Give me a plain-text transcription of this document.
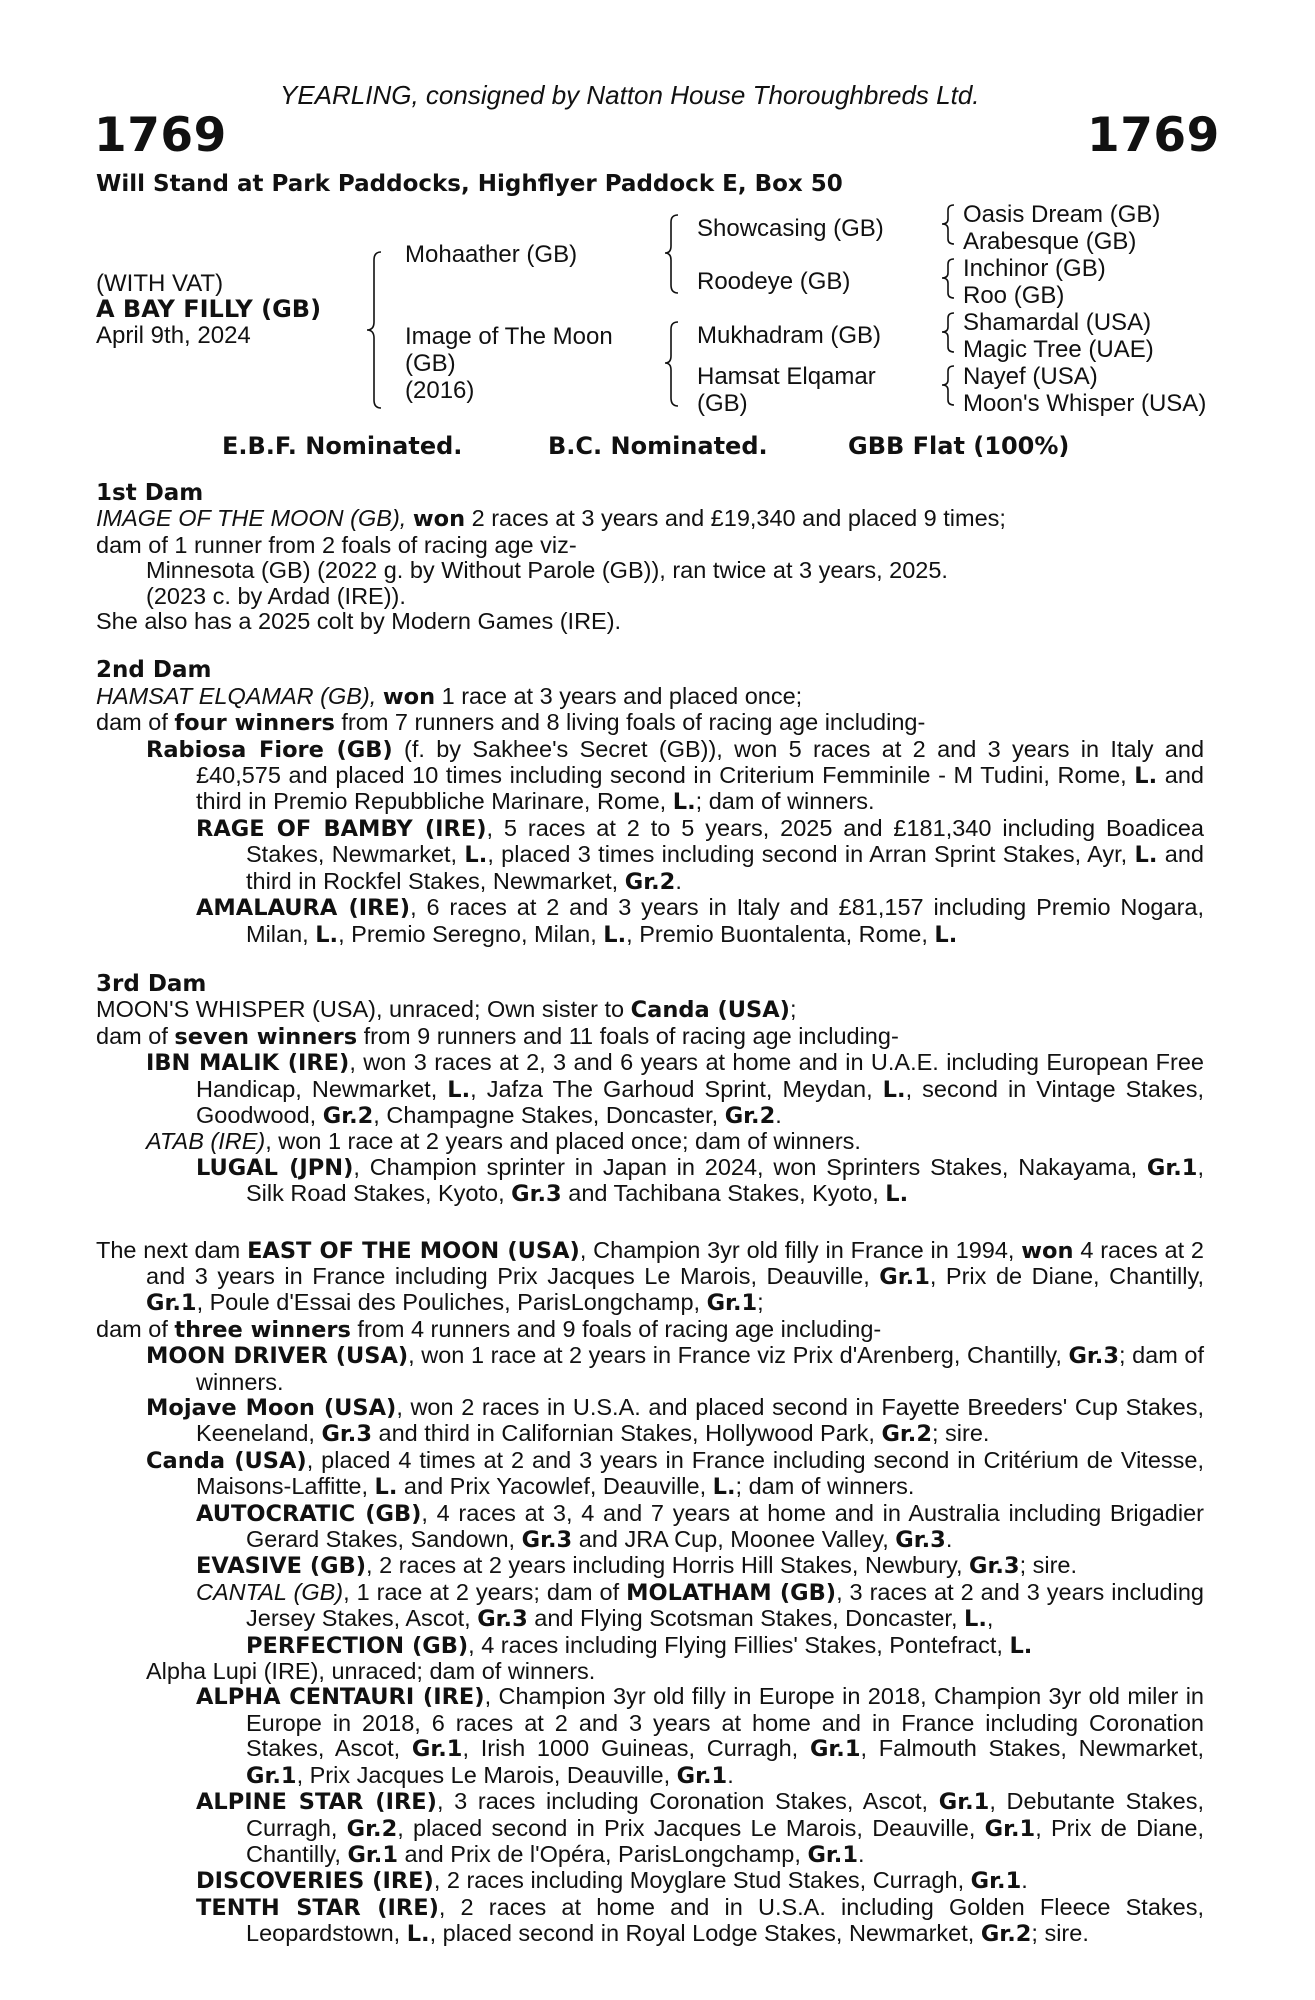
YEARLING, consigned by Natton House Thoroughbreds Ltd.
1769	1769
Will Stand at Park Paddocks, Highflyer Paddock E, Box 50
(WITH VAT)
A BAY FILLY (GB)
April 9th, 2024
Mohaather (GB)
Image of The Moon
(GB)
(2016)
Showcasing (GB)
Roodeye (GB)
Mukhadram (GB)
Hamsat Elqamar
(GB)
Oasis Dream (GB)
Arabesque (GB)
Inchinor (GB)
Roo (GB)
Shamardal (USA)
Magic Tree (UAE)
Nayef (USA)
Moon's Whisper (USA)
E.B.F. Nominated.	B.C. Nominated.	GBB Flat (100%)

1st Dam

IMAGE OF THE MOON (GB), won 2 races at 3 years and £19,340 and placed 9 times;

dam of 1 runner from 2 foals of racing age viz-

Minnesota (GB) (2022 g. by Without Parole (GB)), ran twice at 3 years, 2025.

(2023 c. by Ardad (IRE)).

She also has a 2025 colt by Modern Games (IRE).

2nd Dam

HAMSAT ELQAMAR (GB), won 1 race at 3 years and placed once;

dam of four winners from 7 runners and 8 living foals of racing age including-

Rabiosa Fiore (GB) (f. by Sakhee's Secret (GB)), won 5 races at 2 and 3 years in Italy and £40,575 and placed 10 times including second in Criterium Femminile - M Tudini, Rome, L. and third in Premio Repubbliche Marinare, Rome, L.; dam of winners.

RAGE OF BAMBY (IRE), 5 races at 2 to 5 years, 2025 and £181,340 including Boadicea Stakes, Newmarket, L., placed 3 times including second in Arran Sprint Stakes, Ayr, L. and third in Rockfel Stakes, Newmarket, Gr.2.

AMALAURA (IRE), 6 races at 2 and 3 years in Italy and £81,157 including Premio Nogara, Milan, L., Premio Seregno, Milan, L., Premio Buontalenta, Rome, L.

3rd Dam

MOON'S WHISPER (USA), unraced; Own sister to Canda (USA);

dam of seven winners from 9 runners and 11 foals of racing age including-

IBN MALIK (IRE), won 3 races at 2, 3 and 6 years at home and in U.A.E. including European Free Handicap, Newmarket, L., Jafza The Garhoud Sprint, Meydan, L., second in Vintage Stakes, Goodwood, Gr.2, Champagne Stakes, Doncaster, Gr.2.

ATAB (IRE), won 1 race at 2 years and placed once; dam of winners.

LUGAL (JPN), Champion sprinter in Japan in 2024, won Sprinters Stakes, Nakayama, Gr.1, Silk Road Stakes, Kyoto, Gr.3 and Tachibana Stakes, Kyoto, L.

The next dam EAST OF THE MOON (USA), Champion 3yr old filly in France in 1994, won 4 races at 2 and 3 years in France including Prix Jacques Le Marois, Deauville, Gr.1, Prix de Diane, Chantilly, Gr.1, Poule d'Essai des Pouliches, ParisLongchamp, Gr.1;

dam of three winners from 4 runners and 9 foals of racing age including-

MOON DRIVER (USA), won 1 race at 2 years in France viz Prix d'Arenberg, Chantilly, Gr.3; dam of winners.

Mojave Moon (USA), won 2 races in U.S.A. and placed second in Fayette Breeders' Cup Stakes, Keeneland, Gr.3 and third in Californian Stakes, Hollywood Park, Gr.2; sire.

Canda (USA), placed 4 times at 2 and 3 years in France including second in Critérium de Vitesse, Maisons-Laffitte, L. and Prix Yacowlef, Deauville, L.; dam of winners.

AUTOCRATIC (GB), 4 races at 3, 4 and 7 years at home and in Australia including Brigadier Gerard Stakes, Sandown, Gr.3 and JRA Cup, Moonee Valley, Gr.3.

EVASIVE (GB), 2 races at 2 years including Horris Hill Stakes, Newbury, Gr.3; sire.

CANTAL (GB), 1 race at 2 years; dam of MOLATHAM (GB), 3 races at 2 and 3 years including Jersey Stakes, Ascot, Gr.3 and Flying Scotsman Stakes, Doncaster, L.,

PERFECTION (GB), 4 races including Flying Fillies' Stakes, Pontefract, L.

Alpha Lupi (IRE), unraced; dam of winners.

ALPHA CENTAURI (IRE), Champion 3yr old filly in Europe in 2018, Champion 3yr old miler in Europe in 2018, 6 races at 2 and 3 years at home and in France including Coronation Stakes, Ascot, Gr.1, Irish 1000 Guineas, Curragh, Gr.1, Falmouth Stakes, Newmarket, Gr.1, Prix Jacques Le Marois, Deauville, Gr.1.

ALPINE STAR (IRE), 3 races including Coronation Stakes, Ascot, Gr.1, Debutante Stakes, Curragh, Gr.2, placed second in Prix Jacques Le Marois, Deauville, Gr.1, Prix de Diane, Chantilly, Gr.1 and Prix de l'Opéra, ParisLongchamp, Gr.1.

DISCOVERIES (IRE), 2 races including Moyglare Stud Stakes, Curragh, Gr.1.

TENTH STAR (IRE), 2 races at home and in U.S.A. including Golden Fleece Stakes, Leopardstown, L., placed second in Royal Lodge Stakes, Newmarket, Gr.2; sire.
